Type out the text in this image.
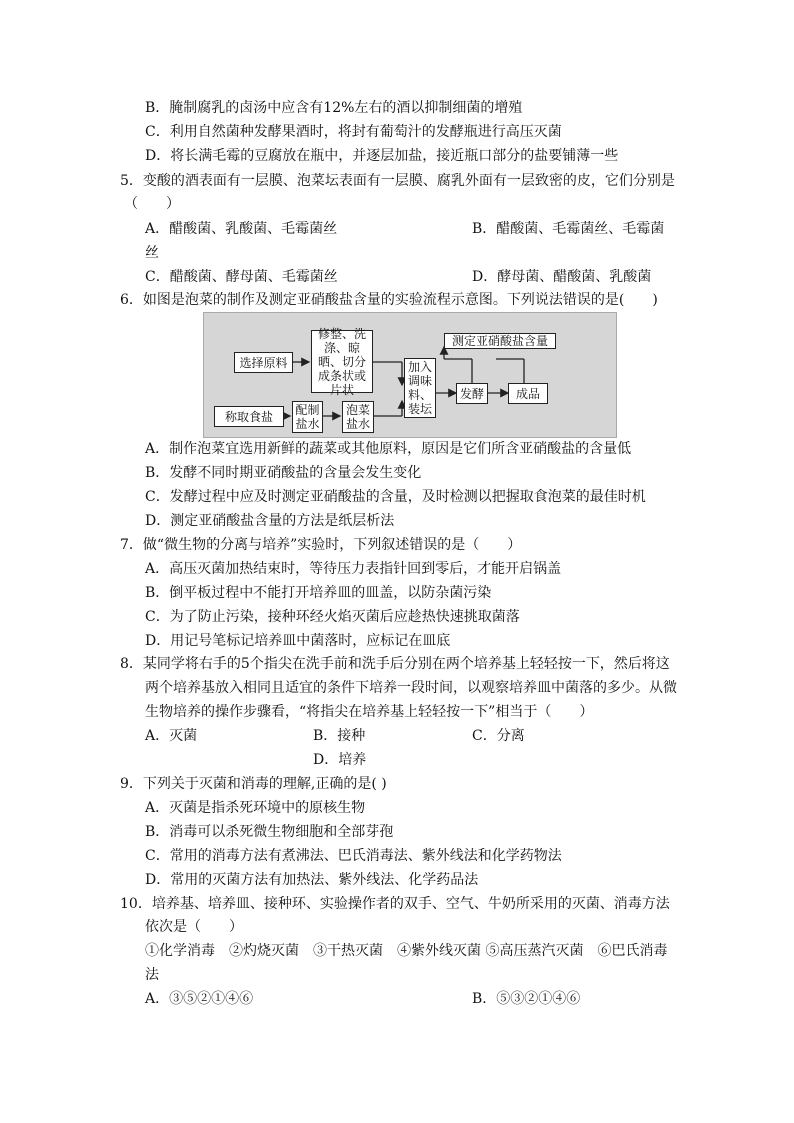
B．腌制腐乳的卤汤中应含有12%左右的酒以抑制细菌的增殖
C．利用自然菌种发酵果酒时，将封有葡萄汁的发酵瓶进行高压灭菌
D．将长满毛霉的豆腐放在瓶中，并逐层加盐，接近瓶口部分的盐要铺薄一些
5．变酸的酒表面有一层膜、泡菜坛表面有一层膜、腐乳外面有一层致密的皮，它们分别是
（　　）
A．醋酸菌、乳酸菌、毛霉菌丝	B．醋酸菌、毛霉菌丝、毛霉菌
丝
C．醋酸菌、酵母菌、毛霉菌丝	D．酵母菌、醋酸菌、乳酸菌
6．如图是泡菜的制作及测定亚硝酸盐含量的实验流程示意图。下列说法错误的是(　　)
选择原料
修整、洗涤、晾晒、切分成条状或片状
称取食盐	配制盐水
泡菜盐水
加入调味料、装坛
发酵	成品
测定亚硝酸盐含量
A．制作泡菜宜选用新鲜的蔬菜或其他原料，原因是它们所含亚硝酸盐的含量低
B．发酵不同时期亚硝酸盐的含量会发生变化
C．发酵过程中应及时测定亚硝酸盐的含量，及时检测以把握取食泡菜的最佳时机
D．测定亚硝酸盐含量的方法是纸层析法
7．做“微生物的分离与培养”实验时，下列叙述错误的是（　　）
A．高压灭菌加热结束时，等待压力表指针回到零后，才能开启锅盖
B．倒平板过程中不能打开培养皿的皿盖，以防杂菌污染
C．为了防止污染，接种环经火焰灭菌后应趁热快速挑取菌落
D．用记号笔标记培养皿中菌落时，应标记在皿底
8．某同学将右手的5个指尖在洗手前和洗手后分别在两个培养基上轻轻按一下，然后将这
两个培养基放入相同且适宜的条件下培养一段时间，以观察培养皿中菌落的多少。从微
生物培养的操作步骤看，“将指尖在培养基上轻轻按一下”相当于（　　）
A．灭菌	B．接种	C．分离
D．培养
9．下列关于灭菌和消毒的理解,正确的是( )
A．灭菌是指杀死环境中的原核生物
B．消毒可以杀死微生物细胞和全部芽孢
C．常用的消毒方法有煮沸法、巴氏消毒法、紫外线法和化学药物法
D．常用的灭菌方法有加热法、紫外线法、化学药品法
10．培养基、培养皿、接种环、实验操作者的双手、空气、牛奶所采用的灭菌、消毒方法
依次是（　　）
①化学消毒　②灼烧灭菌　③干热灭菌　④紫外线灭菌 ⑤高压蒸汽灭菌　⑥巴氏消毒
法
A．③⑤②①④⑥	B．⑤③②①④⑥
